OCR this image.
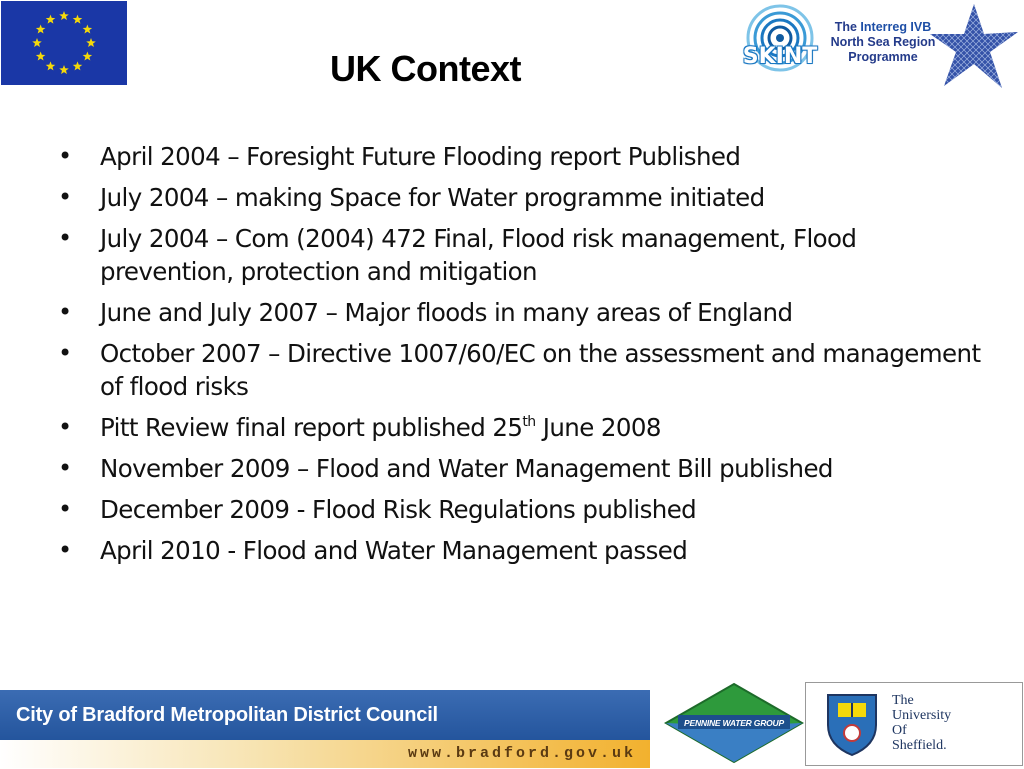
UK Context	SKINT
The Interreg IVB
North Sea Region
Programme
• April 2004 – Foresight Future Flooding report Published
• July 2004 – making Space for Water programme initiated
• July 2004 – Com (2004) 472 Final, Flood risk management, Flood prevention, protection and mitigation
• June and July 2007 – Major floods in many areas of England
• October 2007 – Directive 1007/60/EC on the assessment and management of flood risks
• Pitt Review final report published 25th June 2008
• November 2009 – Flood and Water Management Bill published
• December 2009 - Flood Risk Regulations published
• April 2010 - Flood and Water Management passed
City of Bradford Metropolitan District Council
www.bradford.gov.uk
PENNINE WATER GROUP
The
University
Of
Sheffield.
